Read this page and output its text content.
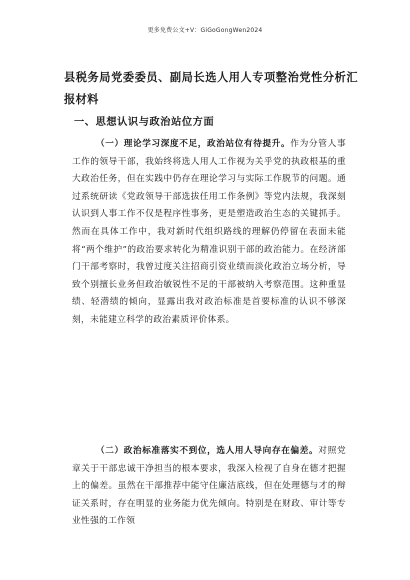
更多免费公文+V：GiGoGongWen2024
县税务局党委委员、副局长选人用人专项整治党性分析汇报材料
一、思想认识与政治站位方面

（一）理论学习深度不足，政治站位有待提升。作为分管人事工作的领导干部，我始终将选人用人工作视为关乎党的执政根基的重大政治任务，但在实践中仍存在理论学习与实际工作脱节的问题。通过系统研读《党政领导干部选拔任用工作条例》等党内法规，我深刻认识到人事工作不仅是程序性事务，更是塑造政治生态的关键抓手。然而在具体工作中，我对新时代组织路线的理解仍停留在表面未能将“两个维护”的政治要求转化为精准识别干部的政治能力。在经济部门干部考察时，我曾过度关注招商引资业绩而淡化政治立场分析，导致个别擅长业务但政治敏锐性不足的干部被纳入考察范围。这种重显绩、轻潜绩的倾向，显露出我对政治标准是首要标准的认识不够深刻，未能建立科学的政治素质评价体系。

（二）政治标准落实不到位，选人用人导向存在偏差。对照党章关于干部忠诚干净担当的根本要求，我深入检视了自身在德才把握上的偏差。虽然在干部推荐中能守住廉洁底线，但在处理德与才的辩证关系时，存在明显的业务能力优先倾向。特别是在财政、审计等专业性强的工作领
